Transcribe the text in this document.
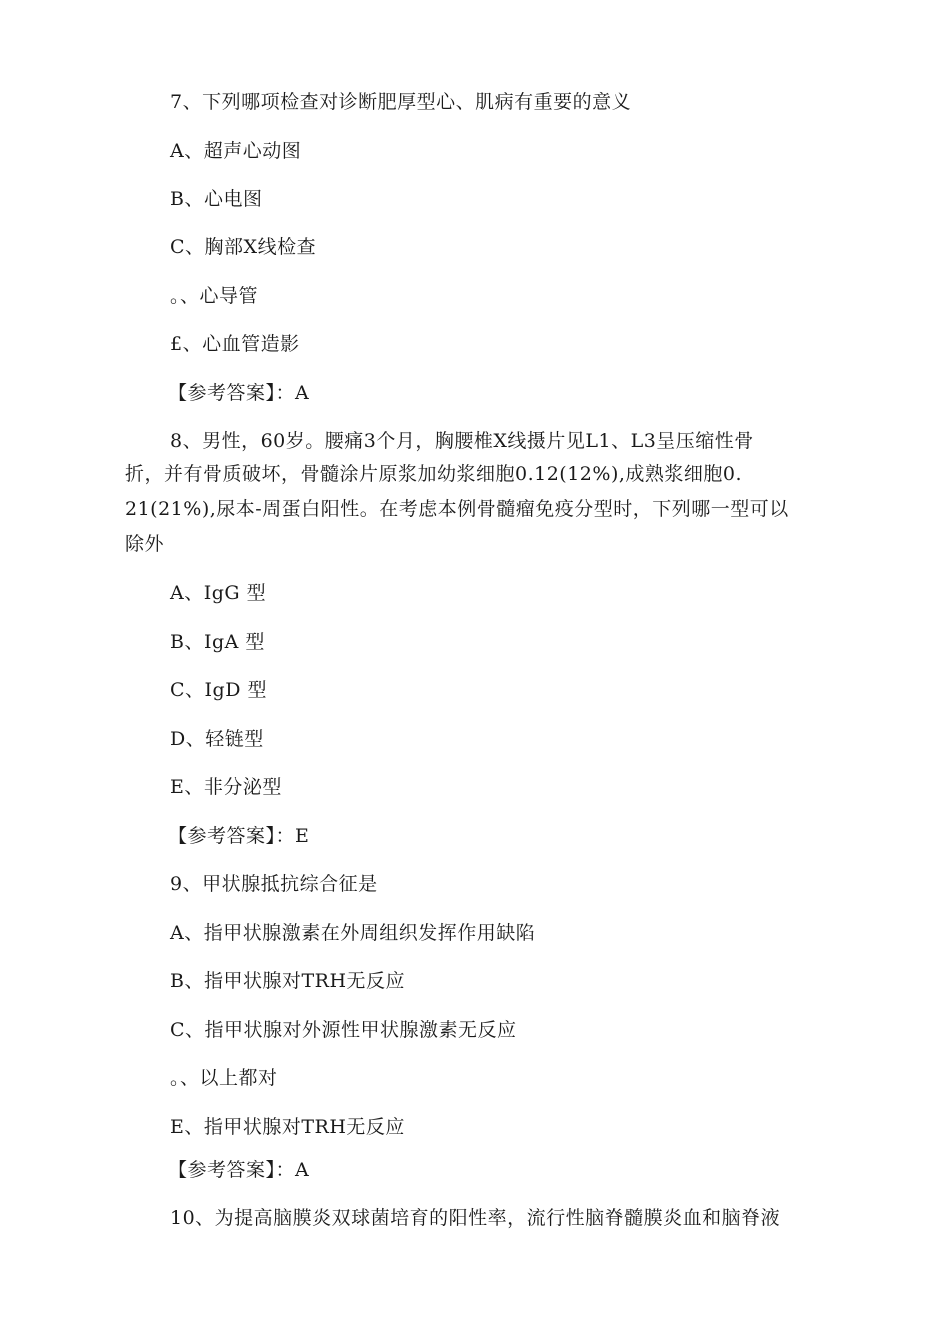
7、下列哪项检查对诊断肥厚型心、肌病有重要的意义
A、超声心动图
B、心电图
C、胸部X线检查
。、心导管
£、心血管造影
【参考答案】：A
8、男性，60岁。腰痛3个月，胸腰椎X线摄片见L1、L3呈压缩性骨
折，并有骨质破坏，骨髓涂片原浆加幼浆细胞0.12(12%),成熟浆细胞0.
21(21%),尿本-周蛋白阳性。在考虑本例骨髓瘤免疫分型时，下列哪一型可以
除外
A、IgG 型
B、IgA 型
C、IgD 型
D、轻链型
E、非分泌型
【参考答案】：E
9、甲状腺抵抗综合征是
A、指甲状腺激素在外周组织发挥作用缺陷
B、指甲状腺对TRH无反应
C、指甲状腺对外源性甲状腺激素无反应
。、以上都对
E、指甲状腺对TRH无反应
【参考答案】：A
10、为提高脑膜炎双球菌培育的阳性率，流行性脑脊髓膜炎血和脑脊液
